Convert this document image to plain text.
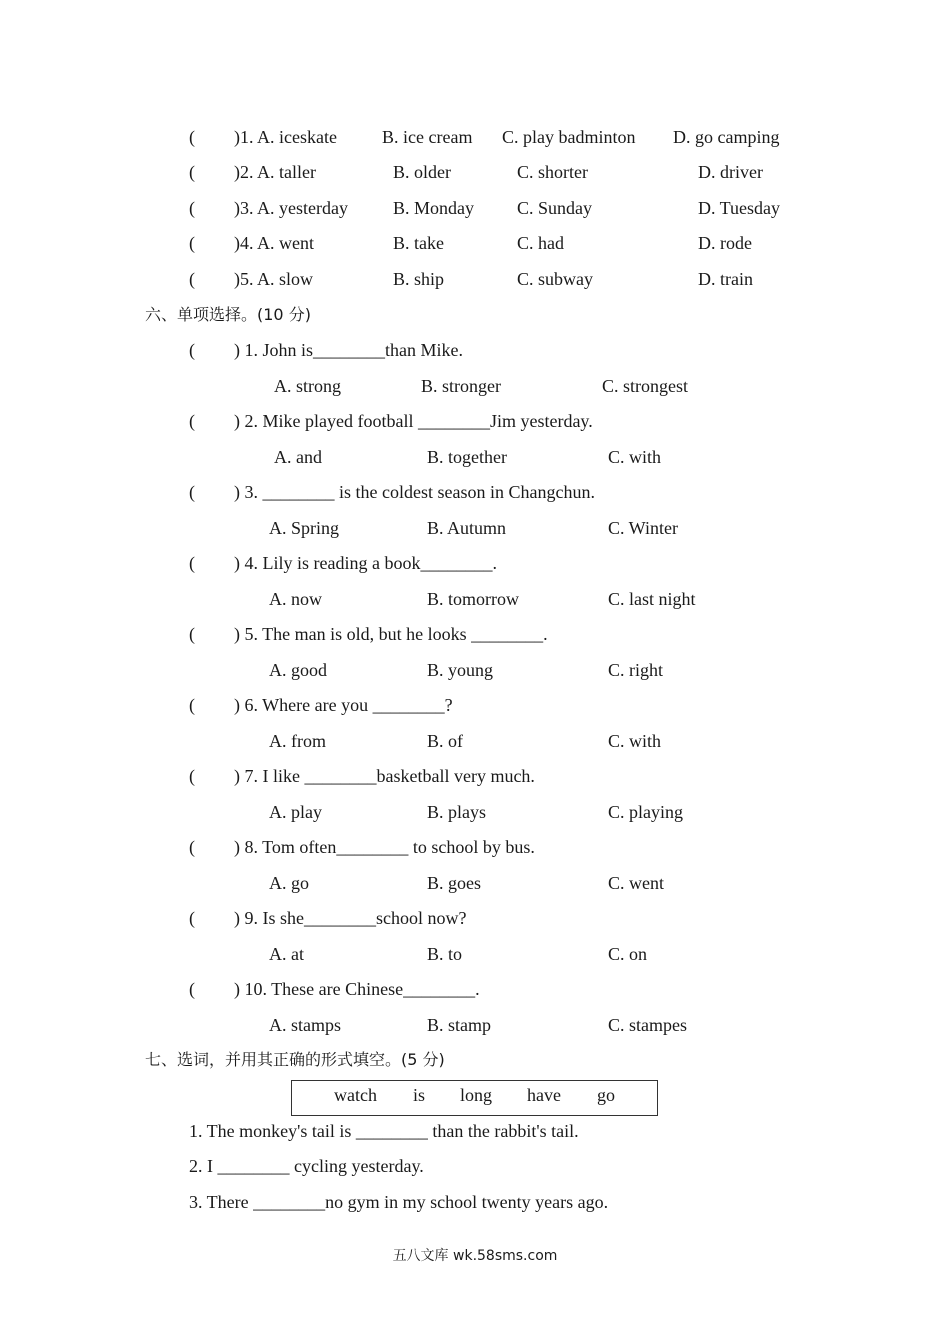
( )1. A. iceskate	B. ice cream C. play badminton D. go camping
( )2. A. taller	B. older	C. shorter	D. driver
( )3. A. yesterday	B. Monday C. Sunday	D. Tuesday
( )4. A. went	B. take	C. had	D. rode
( )5. A. slow	B. ship	C. subway	D. train
六、单项选择。(10 分)
( ) 1. John is________than Mike.
A. strong	B. stronger	C. strongest
( ) 2. Mike played football ________Jim yesterday.
A. and	B. together	C. with
( ) 3. ________ is the coldest season in Changchun.
A. Spring	B. Autumn	C. Winter
( ) 4. Lily is reading a book________.
A. now	B. tomorrow	C. last night
( ) 5. The man is old, but he looks ________.
A. good	B. young	C. right
( ) 6. Where are you ________?
A. from	B. of	C. with
( ) 7. I like ________basketball very much.
A. play	B. plays	C. playing
( ) 8. Tom often________ to school by bus.
A. go	B. goes	C. went
( ) 9. Is she________school now?
A. at	B. to	C. on
( ) 10. These are Chinese________.
A. stamps	B. stamp	C. stampes
七、选词，并用其正确的形式填空。(5 分)
watch is long have go
1. The monkey's tail is ________ than the rabbit's tail.
2. I ________ cycling yesterday.
3. There ________no gym in my school twenty years ago.
五八文库 wk.58sms.com
